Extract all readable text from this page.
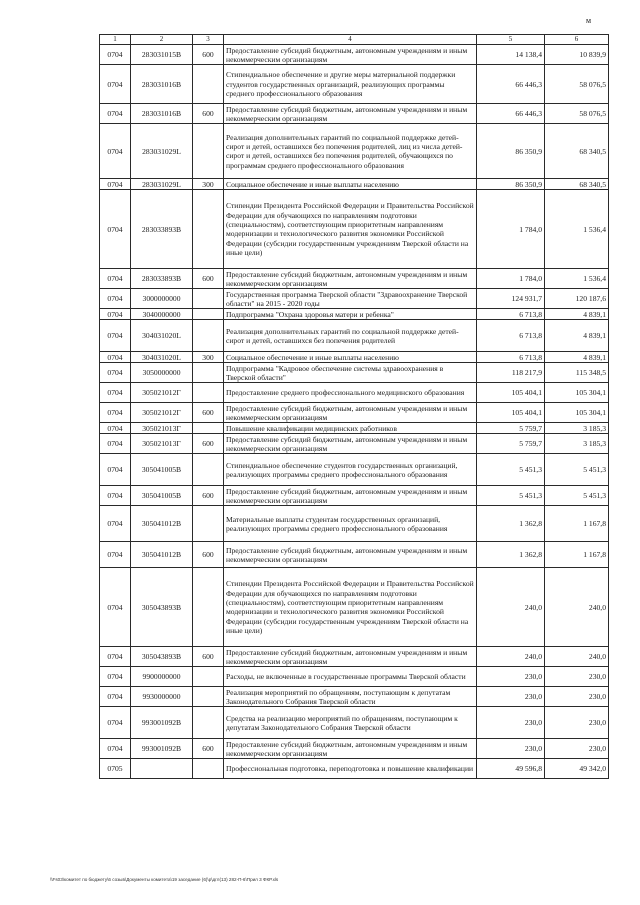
м
1	2	3	4	5	6
0704	283031015В	600	Предоставление субсидий бюджетным, автономным учреждениям и иным некоммерческим организациям	14 138,4	10 839,9
0704	283031016В		Стипендиальное обеспечение и другие меры материальной поддержки студентов государственных организаций, реализующих программы среднего профессионального образования	66 446,3	58 076,5
0704	283031016В	600	Предоставление субсидий бюджетным, автономным учреждениям и иным некоммерческим организациям	66 446,3	58 076,5
0704	283031029L		Реализация дополнительных гарантий по социальной поддержке детей-сирот и детей, оставшихся без попечения родителей, лиц из числа детей-сирот и детей, оставшихся без попечения родителей, обучающихся по программам среднего профессионального образования	86 350,9	68 340,5
0704	283031029L	300	Социальное обеспечение и иные выплаты населению	86 350,9	68 340,5
0704	283033893В		Стипендии Президента Российской Федерации и Правительства Российской Федерации для обучающихся по направлениям подготовки (специальностям), соответствующим приоритетным направлениям модернизации и технологического развития экономики Российской Федерации (субсидии государственным учреждениям Тверской области на иные цели)	1 784,0	1 536,4
0704	283033893В	600	Предоставление субсидий бюджетным, автономным учреждениям и иным некоммерческим организациям	1 784,0	1 536,4
0704	3000000000		Государственная программа Тверской области "Здравоохранение Тверской области" на 2015 - 2020 годы	124 931,7	120 187,6
0704	3040000000		Подпрограмма "Охрана здоровья матери и ребенка"	6 713,8	4 839,1
0704	304031020L		Реализация дополнительных гарантий по социальной поддержке детей-сирот и детей, оставшихся без попечения родителей	6 713,8	4 839,1
0704	304031020L	300	Социальное обеспечение и иные выплаты населению	6 713,8	4 839,1
0704	3050000000		Подпрограмма "Кадровое обеспечение системы здравоохранения в Тверской области"	118 217,9	115 348,5
0704	305021012Г		Предоставление среднего профессионального медицинского образования	105 404,1	105 304,1
0704	305021012Г	600	Предоставление субсидий бюджетным, автономным учреждениям и иным некоммерческим организациям	105 404,1	105 304,1
0704	305021013Г		Повышение квалификации медицинских работников	5 759,7	3 185,3
0704	305021013Г	600	Предоставление субсидий бюджетным, автономным учреждениям и иным некоммерческим организациям	5 759,7	3 185,3
0704	305041005В		Стипендиальное обеспечение студентов государственных организаций, реализующих программы среднего профессионального образования	5 451,3	5 451,3
0704	305041005В	600	Предоставление субсидий бюджетным, автономным учреждениям и иным некоммерческим организациям	5 451,3	5 451,3
0704	305041012В		Материальные выплаты студентам государственных организаций, реализующих программы среднего профессионального образования	1 362,8	1 167,8
0704	305041012В	600	Предоставление субсидий бюджетным, автономным учреждениям и иным некоммерческим организациям	1 362,8	1 167,8
0704	305043893В		Стипендии Президента Российской Федерации и Правительства Российской Федерации для обучающихся по направлениям подготовки (специальностям), соответствующим приоритетным направлениям модернизации и технологического развития экономики Российской Федерации (субсидии государственным учреждениям Тверской области на иные цели)	240,0	240,0
0704	305043893В	600	Предоставление субсидий бюджетным, автономным учреждениям и иным некоммерческим организациям	240,0	240,0
0704	9900000000		Расходы, не включенные в государственные программы Тверской области	230,0	230,0
0704	9930000000		Реализация мероприятий по обращениям, поступающим к депутатам Законодательного Собрания Тверской области	230,0	230,0
0704	993001092В		Средства на реализацию мероприятий по обращениям, поступающим к депутатам Законодательного Собрания Тверской области	230,0	230,0
0704	993001092В	600	Предоставление субсидий бюджетным, автономным учреждениям и иным некоммерческим организациям	230,0	230,0
0705			Профессиональная подготовка, переподготовка и повышение квалификации	49 596,8	49 342,0
\\Fs03\комитет по бюджету\6 созыв\Документы комитета\19 заседание (6)\р\дгл(13) 282-П-6\Прил 3 ФКР.xls
